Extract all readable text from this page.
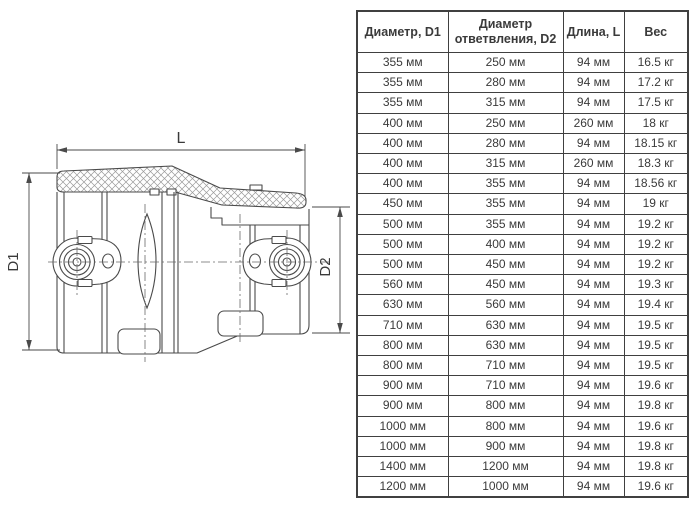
L
D1	D2
Диаметр, D1	Диаметр ответвления, D2	Длина, L	Вес
355 мм	250 мм	94 мм	16.5 кг
355 мм	280 мм	94 мм	17.2 кг
355 мм	315 мм	94 мм	17.5 кг
400 мм	250 мм	260 мм	18 кг
400 мм	280 мм	94 мм	18.15 кг
400 мм	315 мм	260 мм	18.3 кг
400 мм	355 мм	94 мм	18.56 кг
450 мм	355 мм	94 мм	19 кг
500 мм	355 мм	94 мм	19.2 кг
500 мм	400 мм	94 мм	19.2 кг
500 мм	450 мм	94 мм	19.2 кг
560 мм	450 мм	94 мм	19.3 кг
630 мм	560 мм	94 мм	19.4 кг
710 мм	630 мм	94 мм	19.5 кг
800 мм	630 мм	94 мм	19.5 кг
800 мм	710 мм	94 мм	19.5 кг
900 мм	710 мм	94 мм	19.6 кг
900 мм	800 мм	94 мм	19.8 кг
1000 мм	800 мм	94 мм	19.6 кг
1000 мм	900 мм	94 мм	19.8 кг
1400 мм	1200 мм	94 мм	19.8 кг
1200 мм	1000 мм	94 мм	19.6 кг
